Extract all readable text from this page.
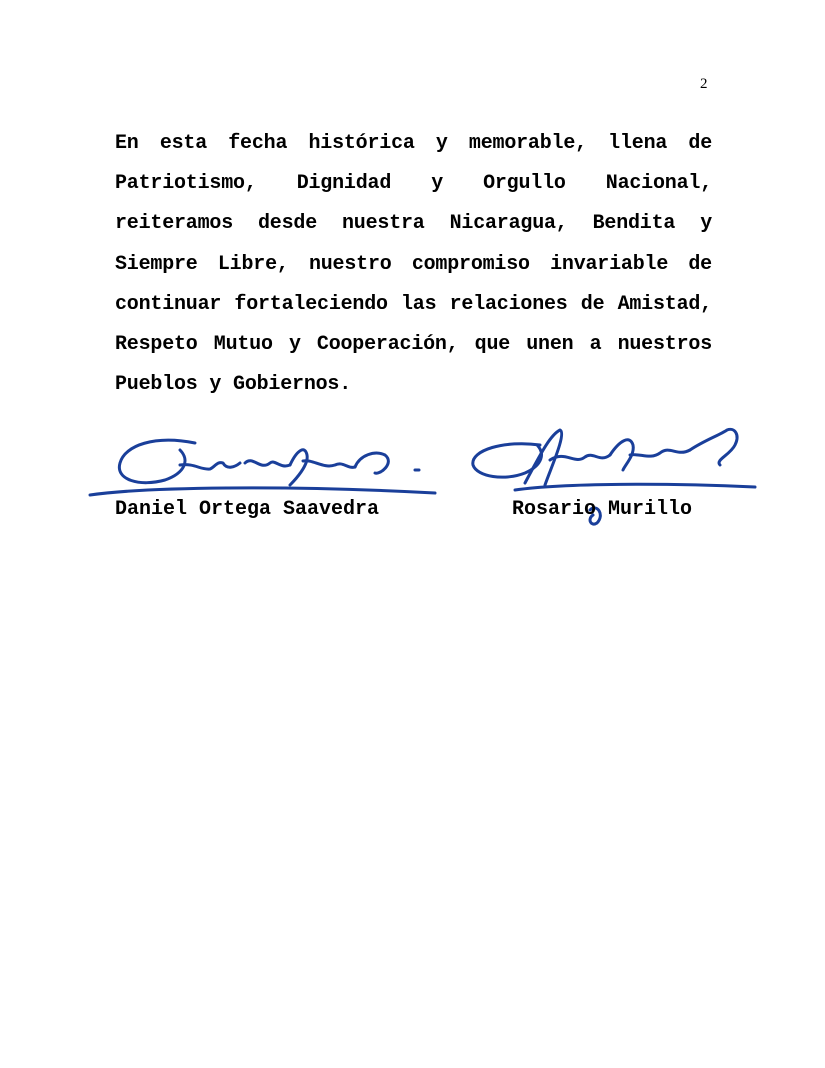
2

En esta fecha histórica y memorable, llena de Patriotismo, Dignidad y Orgullo Nacional, reiteramos desde nuestra Nicaragua, Bendita y Siempre Libre, nuestro compromiso invariable de continuar fortaleciendo las relaciones de Amistad, Respeto Mutuo y Cooperación, que unen a nuestros Pueblos y Gobiernos.

Daniel Ortega Saavedra	Rosario Murillo
